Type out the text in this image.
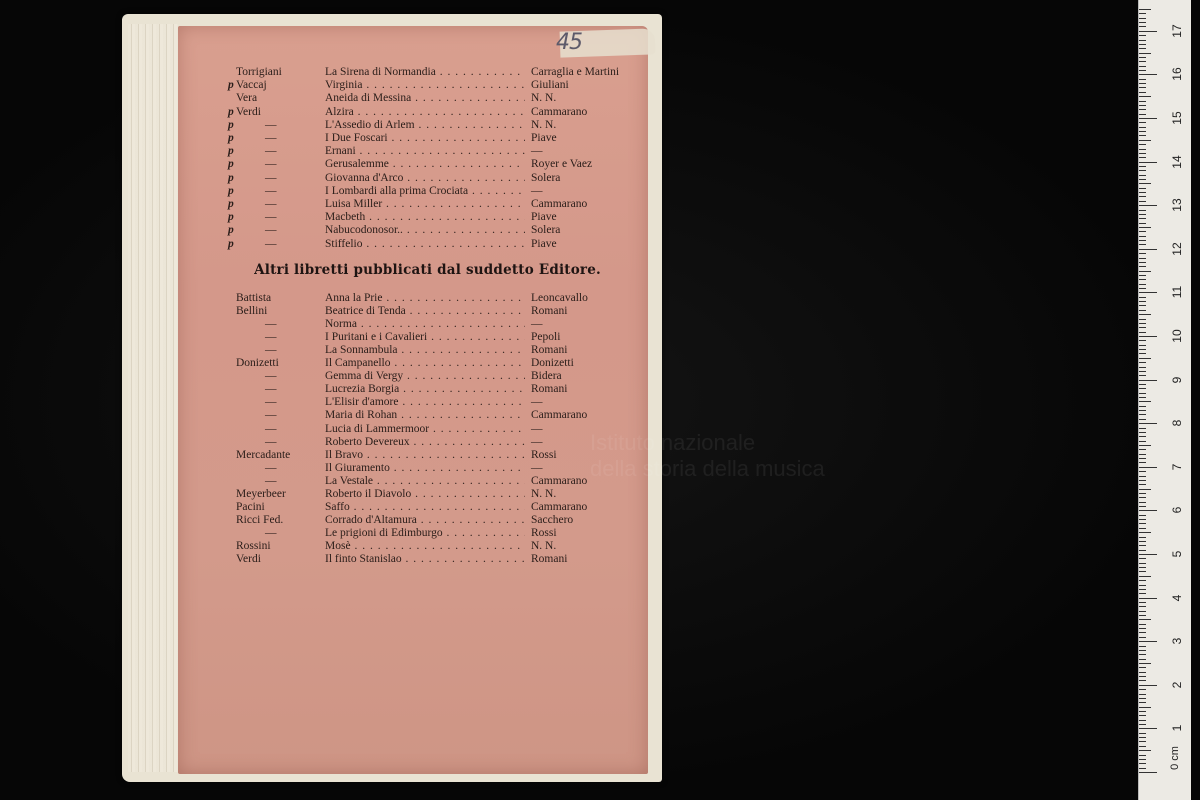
45
Torrigiani	La Sirena di Normandia . . .	Carraglia e Martini
p Vaccaj	Virginia . . .	Giuliani
Vera	Aneida di Messina . . .	N. N.
p Verdi	Alzira . . .	Cammarano
p	—	L'Assedio di Arlem . . .	N. N.
p	—	I Due Foscari . . .	Piave
p	—	Ernani . . .	—
p	—	Gerusalemme . . .	Royer e Vaez
p	—	Giovanna d'Arco . . .	Solera
p	—	I Lombardi alla prima Crociata . . .	—
p	—	Luisa Miller . . .	Cammarano
p	—	Macbeth . . .	Piave
p	—	Nabucodonosor.. . . .	Solera
p	—	Stiffelio . . .	Piave
Altri libretti pubblicati dal suddetto Editore.
Battista	Anna la Prie . . .	Leoncavallo
Bellini	Beatrice di Tenda . . .	Romani
—	Norma . . .	—
—	I Puritani e i Cavalieri . . .	Pepoli
—	La Sonnambula . . .	Romani
Donizetti	Il Campanello . . .	Donizetti
—	Gemma di Vergy . . .	Bidera
—	Lucrezia Borgia . . .	Romani
—	L'Elisir d'amore . . .	—
—	Maria di Rohan . . .	Cammarano
—	Lucia di Lammermoor . . .	—
—	Roberto Devereux . . .	—
Mercadante	Il Bravo . . .	Rossi
—	Il Giuramento . . .	—
—	La Vestale . . .	Cammarano
Meyerbeer	Roberto il Diavolo . . .	N. N.
Pacini	Saffo . . .	Cammarano
Ricci Fed.	Corrado d'Altamura . . .	Sacchero
—	Le prigioni di Edimburgo . . .	Rossi
Rossini	Mosè . . .	N. N.
Verdi	Il finto Stanislao . . .	Romani
Istituto nazionale
della storia della musica
1
2
3
4
5
6
7
8
9
10
11
12
13
14
15
16
17
0 cm
